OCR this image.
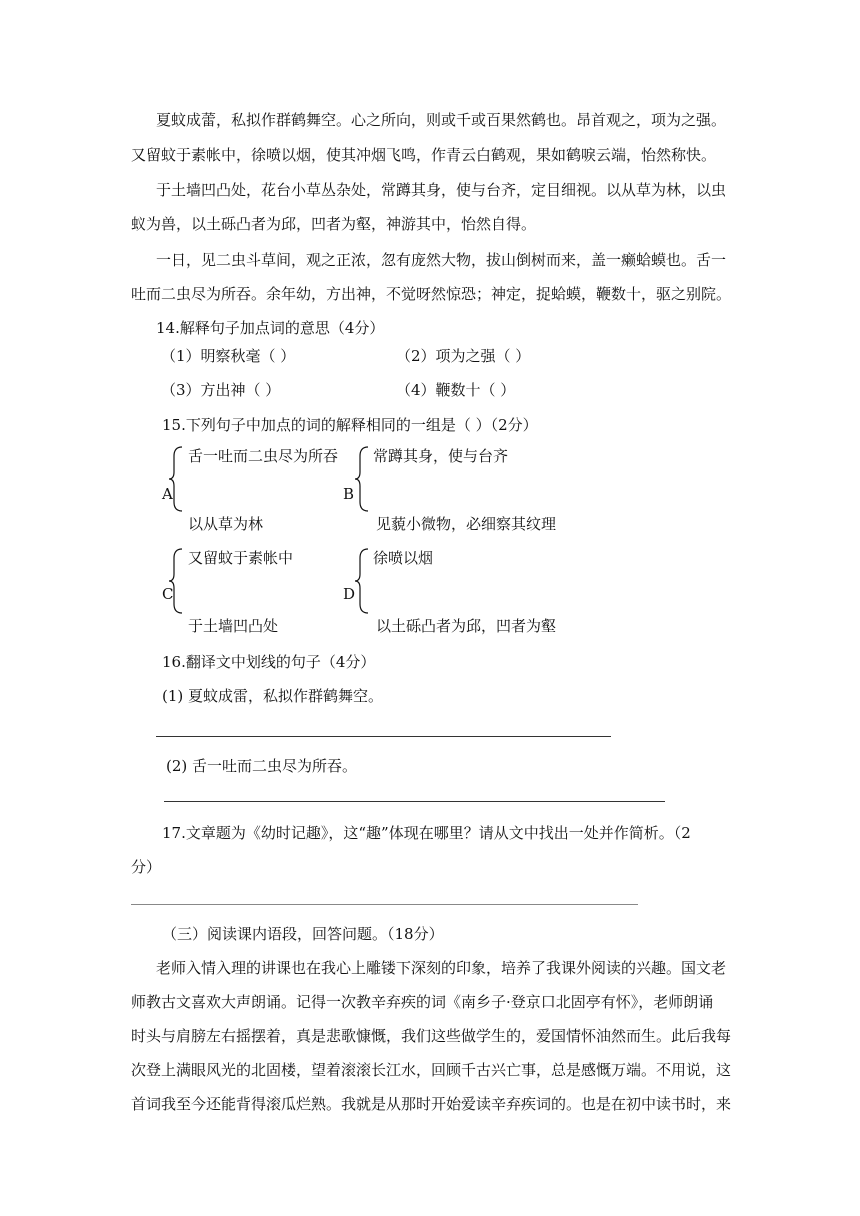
夏蚊成蕾，私拟作群鹤舞空。心之所向，则或千或百果然鹤也。昂首观之，项为之强。
又留蚊于素帐中，徐喷以烟，使其冲烟飞鸣，作青云白鹤观，果如鹤唳云端，怡然称快。
于土墙凹凸处，花台小草丛杂处，常蹲其身，使与台齐，定目细视。以从草为林，以虫
蚁为兽，以土砾凸者为邱，凹者为壑，神游其中，怡然自得。
一日，见二虫斗草间，观之正浓，忽有庞然大物，拔山倒树而来，盖一癞蛤蟆也。舌一
吐而二虫尽为所吞。余年幼，方出神，不觉呀然惊恐；神定，捉蛤蟆，鞭数十，驱之别院。
14.解释句子加点词的意思（4分）
（1）明察秋毫（ ）	（2）项为之强（ ）
（3）方出神（ ）	（4）鞭数十（ ）
15.下列句子中加点的词的解释相同的一组是（ ）（2分）
舌一吐而二虫尽为所吞
A
以从草为林
常蹲其身，使与台齐
B
见藐小微物，必细察其纹理
又留蚊于素帐中
C
于土墙凹凸处
徐喷以烟
D
以土砾凸者为邱，凹者为壑
16.翻译文中划线的句子（4分）
(1) 夏蚊成雷，私拟作群鹤舞空。
(2) 舌一吐而二虫尽为所吞。
17.文章题为《幼时记趣》，这“趣”体现在哪里？请从文中找出一处并作简析。（2
分）
（三）阅读课内语段，回答问题。（18分）
老师入情入理的讲课也在我心上雕镂下深刻的印象，培养了我课外阅读的兴趣。国文老
师教古文喜欢大声朗诵。记得一次教辛弃疾的词《南乡子·登京口北固亭有怀》，老师朗诵
时头与肩膀左右摇摆着，真是悲歌慷慨，我们这些做学生的，爱国情怀油然而生。此后我每
次登上满眼风光的北固楼，望着滚滚长江水，回顾千古兴亡事，总是感慨万端。不用说，这
首词我至今还能背得滚瓜烂熟。我就是从那时开始爱读辛弃疾词的。也是在初中读书时，来
